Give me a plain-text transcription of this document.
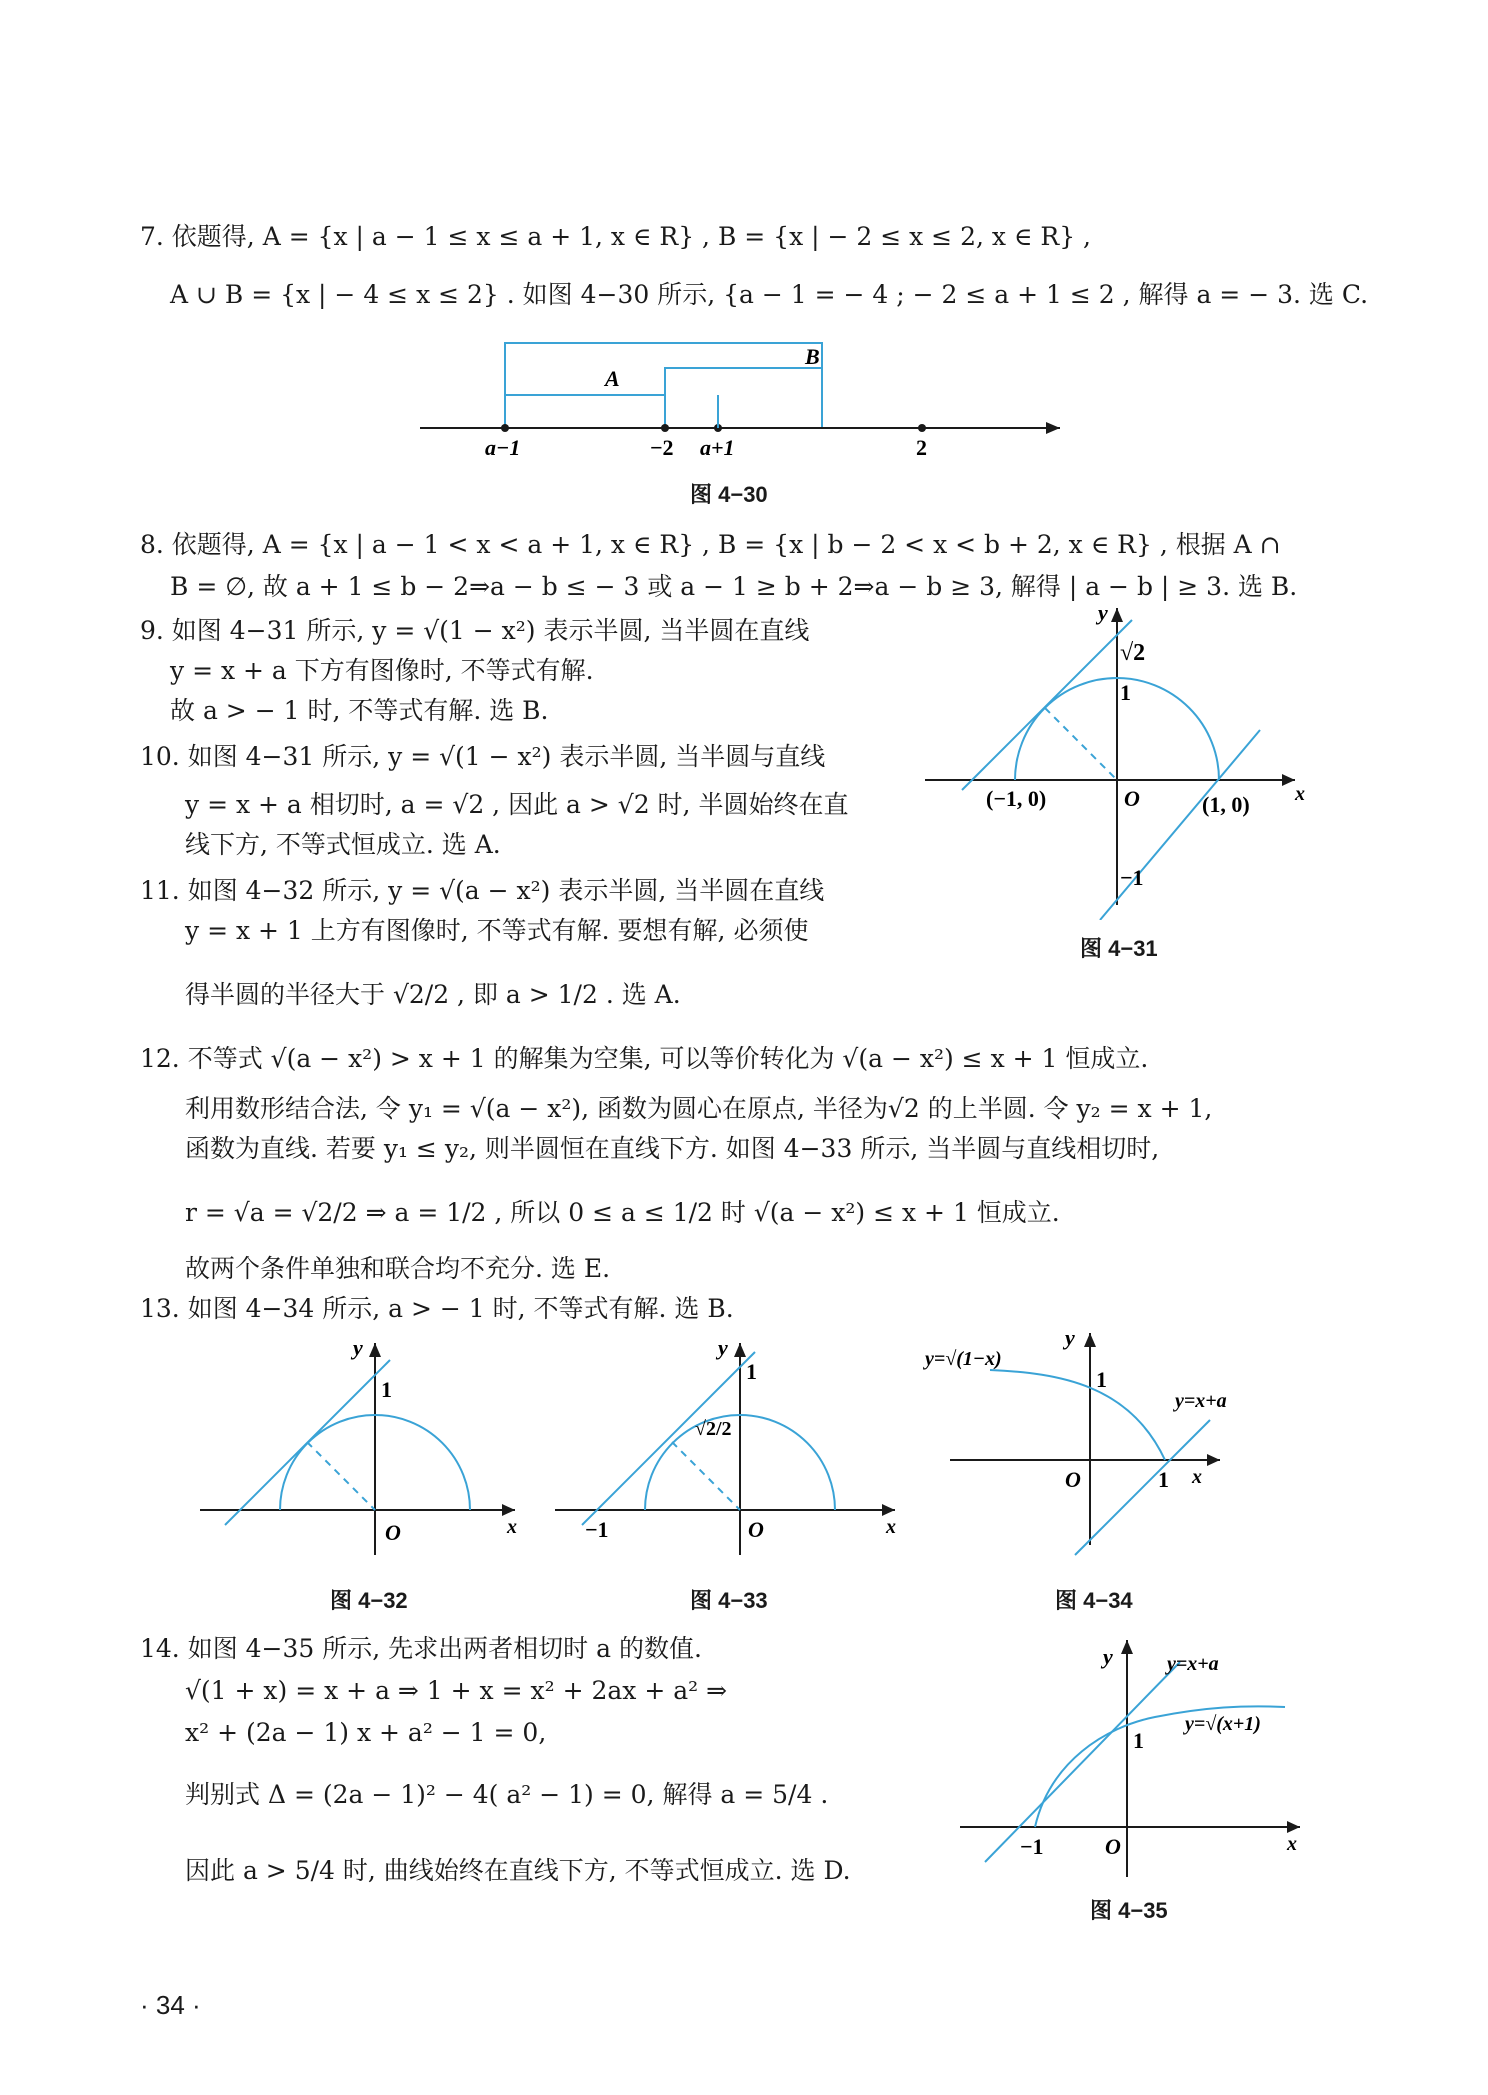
7. 依题得, A = {x | a − 1 ≤ x ≤ a + 1, x ∈ R} , B = {x | − 2 ≤ x ≤ 2, x ∈ R} ,
A ∪ B = {x | − 4 ≤ x ≤ 2} . 如图 4−30 所示, {a − 1 = − 4 ; − 2 ≤ a + 1 ≤ 2 , 解得 a = − 3. 选 C.
A
B
a−1	−2 a+1	2
图 4−30
8. 依题得, A = {x | a − 1 < x < a + 1, x ∈ R} , B = {x | b − 2 < x < b + 2, x ∈ R} , 根据 A ∩
B = ∅, 故 a + 1 ≤ b − 2⇒a − b ≤ − 3 或 a − 1 ≥ b + 2⇒a − b ≥ 3, 解得 | a − b | ≥ 3. 选 B.
9. 如图 4−31 所示, y = √(1 − x²) 表示半圆, 当半圆在直线
y = x + a 下方有图像时, 不等式有解.
故 a > − 1 时, 不等式有解. 选 B.
10. 如图 4−31 所示, y = √(1 − x²) 表示半圆, 当半圆与直线
y = x + a 相切时, a = √2 , 因此 a > √2 时, 半圆始终在直
线下方, 不等式恒成立. 选 A.
11. 如图 4−32 所示, y = √(a − x²) 表示半圆, 当半圆在直线
y = x + 1 上方有图像时, 不等式有解. 要想有解, 必须使
得半圆的半径大于 √2/2 , 即 a > 1/2 . 选 A.
y
x
√2
1
−1
O
(−1, 0)	(1, 0)
图 4−31
12. 不等式 √(a − x²) > x + 1 的解集为空集, 可以等价转化为 √(a − x²) ≤ x + 1 恒成立.
利用数形结合法, 令 y₁ = √(a − x²), 函数为圆心在原点, 半径为√2 的上半圆. 令 y₂ = x + 1,
函数为直线. 若要 y₁ ≤ y₂, 则半圆恒在直线下方. 如图 4−33 所示, 当半圆与直线相切时,
r = √a = √2/2 ⇒ a = 1/2 , 所以 0 ≤ a ≤ 1/2 时 √(a − x²) ≤ x + 1 恒成立.
故两个条件单独和联合均不充分. 选 E.
13. 如图 4−34 所示, a > − 1 时, 不等式有解. 选 B.
y
x
1
O
图 4−32
y
x
1
√2/2
−1	O
图 4−33
y
x
1
O	1
y=√(1−x)
y=x+a
图 4−34
14. 如图 4−35 所示, 先求出两者相切时 a 的数值.
√(1 + x) = x + a ⇒ 1 + x = x² + 2ax + a² ⇒
x² + (2a − 1) x + a² − 1 = 0,
判别式 Δ = (2a − 1)² − 4( a² − 1) = 0, 解得 a = 5/4 .
因此 a > 5/4 时, 曲线始终在直线下方, 不等式恒成立. 选 D.
y
x
1
−1	O
y=x+a
y=√(x+1)
图 4−35
· 34 ·
